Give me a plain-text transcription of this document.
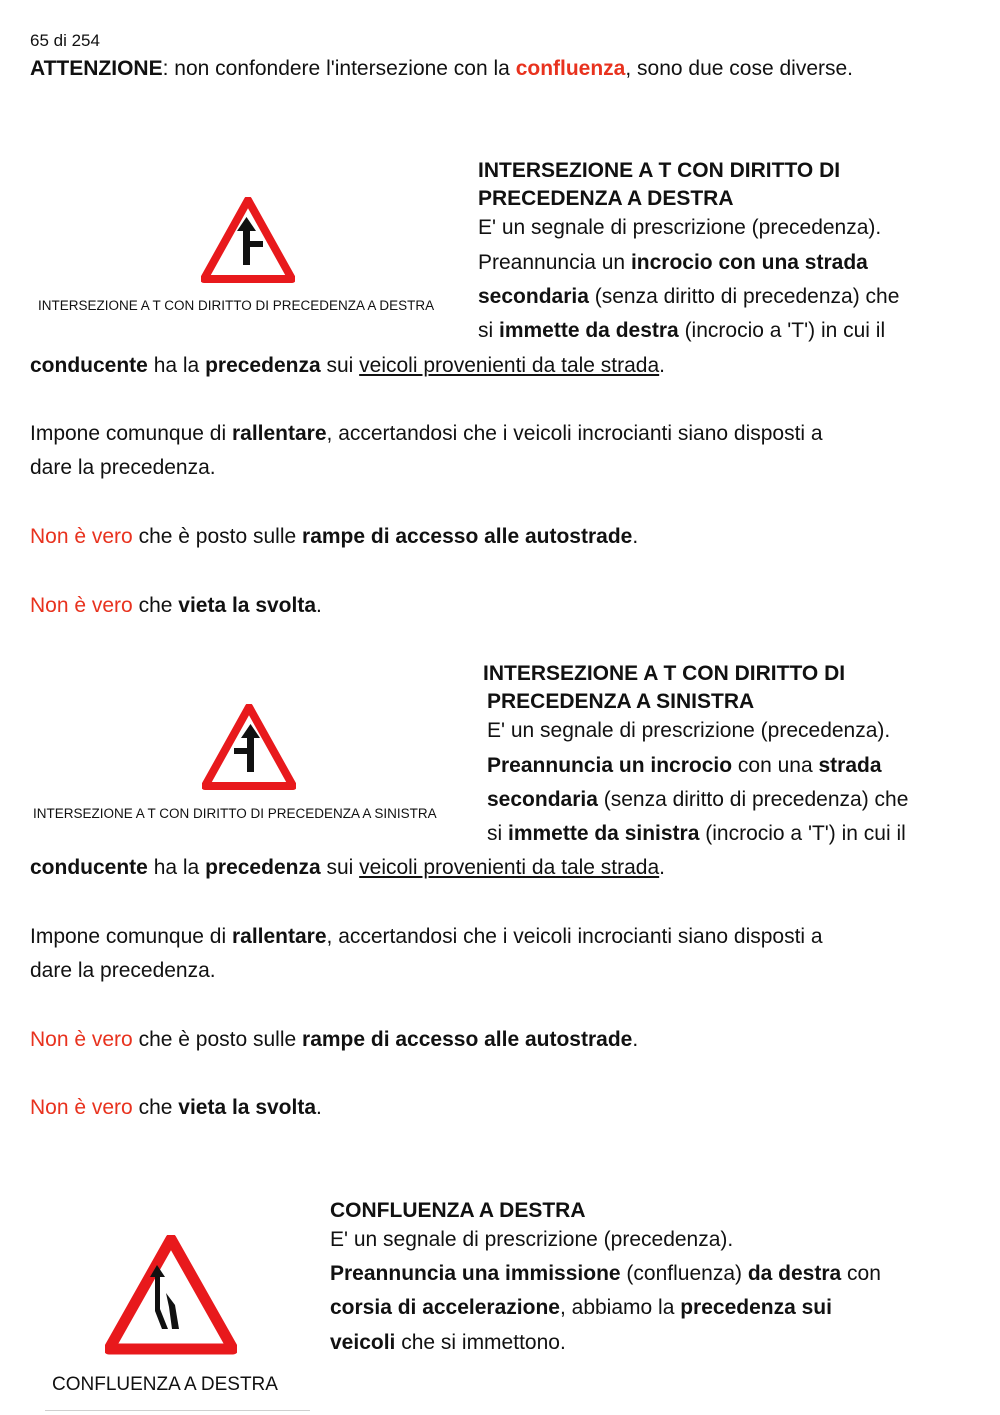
65 di 254
ATTENZIONE: non confondere l'intersezione con la confluenza, sono due cose diverse.
INTERSEZIONE A T CON DIRITTO DI PRECEDENZA A DESTRA
INTERSEZIONE A T CON DIRITTO DI
PRECEDENZA A DESTRA
E' un segnale di prescrizione (precedenza).
Preannuncia un incrocio con una strada
secondaria (senza diritto di precedenza) che
si immette da destra (incrocio a 'T') in cui il
conducente ha la precedenza sui veicoli provenienti da tale strada.
Impone comunque di rallentare, accertandosi che i veicoli incrocianti siano disposti a
dare la precedenza.
Non è vero che è posto sulle rampe di accesso alle autostrade.
Non è vero che vieta la svolta.
INTERSEZIONE A T CON DIRITTO DI PRECEDENZA A SINISTRA
INTERSEZIONE A T CON DIRITTO DI
PRECEDENZA A SINISTRA
E' un segnale di prescrizione (precedenza).
Preannuncia un incrocio con una strada
secondaria (senza diritto di precedenza) che
si immette da sinistra (incrocio a 'T') in cui il
conducente ha la precedenza sui veicoli provenienti da tale strada.
Impone comunque di rallentare, accertandosi che i veicoli incrocianti siano disposti a
dare la precedenza.
Non è vero che è posto sulle rampe di accesso alle autostrade.
Non è vero che vieta la svolta.
CONFLUENZA A DESTRA
CONFLUENZA A DESTRA
E' un segnale di prescrizione (precedenza).
Preannuncia una immissione (confluenza) da destra con
corsia di accelerazione, abbiamo la precedenza sui
veicoli che si immettono.
